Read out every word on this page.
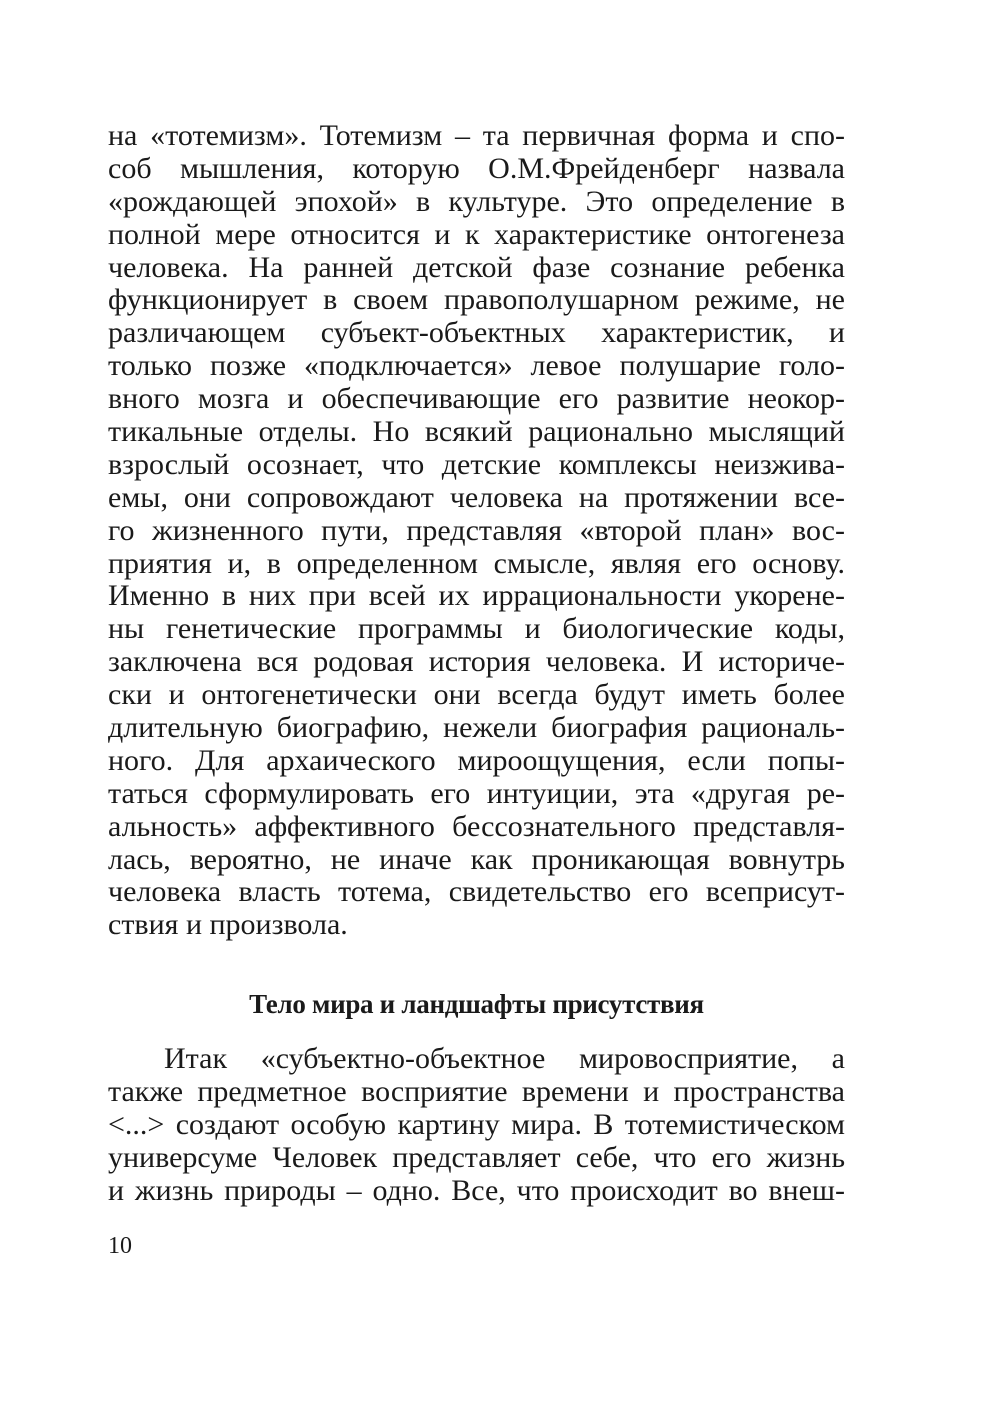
на «тотемизм». Тотемизм – та первичная форма и спо-
соб мышления, которую О.М.Фрейденберг назвала
«рождающей эпохой» в культуре. Это определение в
полной мере относится и к характеристике онтогенеза
человека. На ранней детской фазе сознание ребенка
функционирует в своем правополушарном режиме, не
различающем субъект-объектных характеристик, и
только позже «подключается» левое полушарие голо-
вного мозга и обеспечивающие его развитие неокор-
тикальные отделы. Но всякий рационально мыслящий
взрослый осознает, что детские комплексы неизжива-
емы, они сопровождают человека на протяжении все-
го жизненного пути, представляя «второй план» вос-
приятия и, в определенном смысле, являя его основу.
Именно в них при всей их иррациональности укорене-
ны генетические программы и биологические коды,
заключена вся родовая история человека. И историче-
ски и онтогенетически они всегда будут иметь более
длительную биографию, нежели биография рациональ-
ного. Для архаического мироощущения, если попы-
таться сформулировать его интуиции, эта «другая ре-
альность» аффективного бессознательного представля-
лась, вероятно, не иначе как проникающая вовнутрь
человека власть тотема, свидетельство его всеприсут-
ствия и произвола.
Тело мира и ландшафты присутствия
Итак «субъектно-объектное мировосприятие, а
также предметное восприятие времени и пространства
<...> создают особую картину мира. В тотемистическом
универсуме Человек представляет себе, что его жизнь
и жизнь природы – одно. Все, что происходит во внеш-
10
